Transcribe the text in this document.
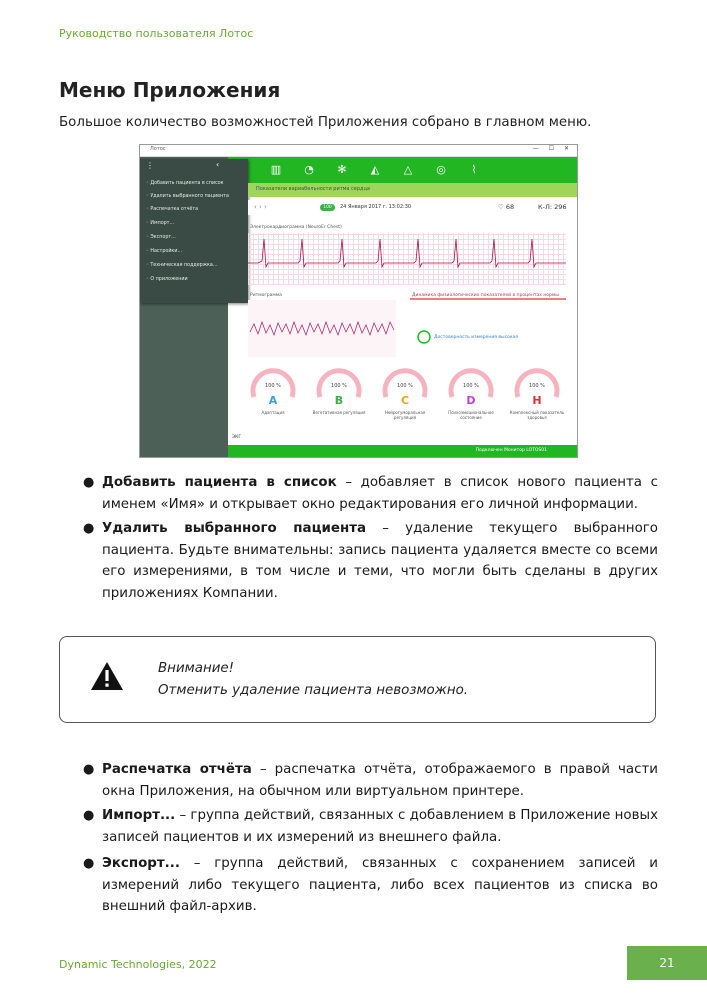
Руководство пользователя Лотос
Меню Приложения
Большое количество возможностей Приложения собрано в главном меню.
Лотос	— ☐ ✕
▥ ◔	✻	◭	△	◎	⌇
⋮	‹
◦ Добавить пациента в список
◦ Удалить выбранного пациента
◦ Распечатка отчёта
◦ Импорт...
◦ Экспорт...
◦ Настройки...
◦ Техническая поддержка...
◦ О приложении
Показатели вариабельности ритма сердца
‹ › ›	100	24 Января 2017 г. 13:02:30	♡ 68	К-Л: 296
Электрокардиограмма (NeuroEr Chest)
Ритмограмма	Динамика физиологических показателей в процентах нормы
Достоверность измерения высокая
100 %
A
Адаптация
100 %
B
Вегетативная регуляция
100 %
C
Нейрогуморальная регуляция
100 %
D
Психоэмоциональное состояние
100 %
H
Комплексный показатель здоровья
ЭКГ
Подключен Монитор LOTOS01
● Добавить пациента в список – добавляет в список нового пациента с именем «Имя» и открывает окно редактирования его личной информации.

● Удалить выбранного пациента – удаление текущего выбранного пациента. Будьте внимательны: запись пациента удаляется вместе со всеми его измерениями, в том числе и теми, что могли быть сделаны в других приложениях Компании.

Внимание!
Отменить удаление пациента невозможно.
● Распечатка отчёта – распечатка отчёта, отображаемого в правой части окна Приложения, на обычном или виртуальном принтере.

● Импорт... – группа действий, связанных с добавлением в Приложение новых записей пациентов и их измерений из внешнего файла.

● Экспорт... – группа действий, связанных с сохранением записей и измерений либо текущего пациента, либо всех пациентов из списка во внешний файл-архив.

Dynamic Technologies, 2022	21
